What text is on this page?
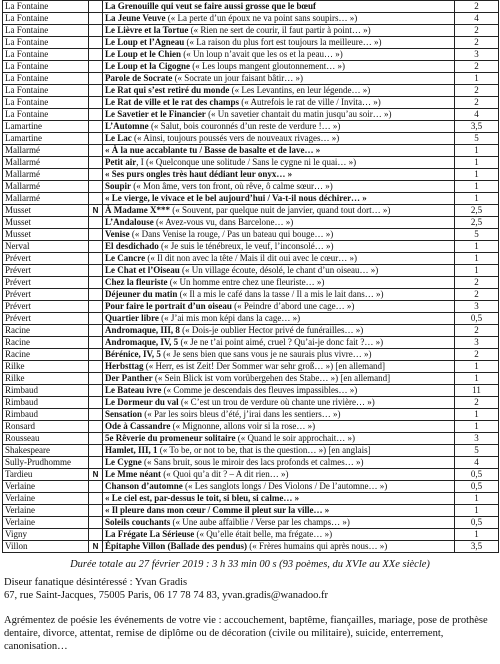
La Fontaine		La Grenouille qui veut se faire aussi grosse que le bœuf	2
La Fontaine		La Jeune Veuve (« La perte d’un époux ne va point sans soupirs… »)	4
La Fontaine		Le Lièvre et la Tortue (« Rien ne sert de courir, il faut partir à point… »)	2
La Fontaine		Le Loup et l’Agneau (« La raison du plus fort est toujours la meilleure… »)	2
La Fontaine		Le Loup et le Chien (« Un loup n’avait que les os et la peau… »)	3
La Fontaine		Le Loup et la Cigogne (« Les loups mangent gloutonnement… »)	2
La Fontaine		Parole de Socrate (« Socrate un jour faisant bâtir… »)	1
La Fontaine		Le Rat qui s’est retiré du monde (« Les Levantins, en leur légende… »)	2
La Fontaine		Le Rat de ville et le rat des champs (« Autrefois le rat de ville / Invita… »)	2
La Fontaine		Le Savetier et le Financier (« Un savetier chantait du matin jusqu’au soir… »)	4
Lamartine		L’Automne (« Salut, bois couronnés d’un reste de verdure !… »)	3,5
Lamartine		Le Lac (« Ainsi, toujours poussés vers de nouveaux rivages… »)	5
Mallarmé		« À la nue accablante tu / Basse de basalte et de lave… »	1
Mallarmé		Petit air, I (« Quelconque une solitude / Sans le cygne ni le quai… »)	1
Mallarmé		« Ses purs ongles très haut dédiant leur onyx… »	1
Mallarmé		Soupir (« Mon âme, vers ton front, où rêve, ô calme sœur… »)	1
Mallarmé		« Le vierge, le vivace et le bel aujourd’hui / Va-t-il nous déchirer… »	1
Musset	N	À Madame X*** (« Souvent, par quelque nuit de janvier, quand tout dort… »)	2,5
Musset		L’Andalouse (« Avez-vous vu, dans Barcelone… »)	2,5
Musset		Venise (« Dans Venise la rouge, / Pas un bateau qui bouge… »)	5
Nerval		El desdichado (« Je suis le ténébreux, le veuf, l’inconsolé… »)	1
Prévert		Le Cancre (« Il dit non avec la tête / Mais il dit oui avec le cœur… »)	1
Prévert		Le Chat et l’Oiseau (« Un village écoute, désolé, le chant d’un oiseau… »)	1
Prévert		Chez la fleuriste (« Un homme entre chez une fleuriste… »)	2
Prévert		Déjeuner du matin (« Il a mis le café dans la tasse / Il a mis le lait dans… »)	2
Prévert		Pour faire le portrait d’un oiseau (« Peindre d’abord une cage… »)	3
Prévert		Quartier libre (« J’ai mis mon képi dans la cage… »)	0,5
Racine		Andromaque, III, 8 (« Dois-je oublier Hector privé de funérailles… »)	2
Racine		Andromaque, IV, 5 (« Je ne t’ai point aimé, cruel ? Qu’ai-je donc fait ?… »)	3
Racine		Bérénice, IV, 5 (« Je sens bien que sans vous je ne saurais plus vivre… »)	2
Rilke		Herbsttag (« Herr, es ist Zeit! Der Sommer war sehr groß… ») [en allemand]	1
Rilke		Der Panther (« Sein Blick ist vom vorübergehen des Stabe… ») [en allemand]	1
Rimbaud		Le Bateau ivre (« Comme je descendais des fleuves impassibles… »)	11
Rimbaud		Le Dormeur du val (« C’est un trou de verdure où chante une rivière… »)	2
Rimbaud		Sensation (« Par les soirs bleus d’été, j’irai dans les sentiers… »)	1
Ronsard		Ode à Cassandre (« Mignonne, allons voir si la rose… »)	1
Rousseau		5e Rêverie du promeneur solitaire (« Quand le soir approchait… »)	3
Shakespeare		Hamlet, III, 1 (« To be, or not to be, that is the question… ») [en anglais]	5
Sully-Prudhomme		Le Cygne (« Sans bruit, sous le miroir des lacs profonds et calmes… »)	4
Tardieu	N	Le Mme néant (« Quoi qu’a dit ? – A dit rien… »)	0,5
Verlaine		Chanson d’automne (« Les sanglots longs / Des Violons / De l’automne… »)	0,5
Verlaine		« Le ciel est, par-dessus le toit, si bleu, si calme… »	1
Verlaine		« Il pleure dans mon cœur / Comme il pleut sur la ville… »	1
Verlaine		Soleils couchants (« Une aube affaiblie / Verse par les champs… »)	0,5
Vigny		La Frégate La Sérieuse (« Qu’elle était belle, ma frégate… »)	1
Villon	N	Épitaphe Villon (Ballade des pendus) (« Frères humains qui après nous… »)	3,5

Durée totale au 27 février 2019 : 3 h 33 min 00 s (93 poèmes, du XVIe au XXe siècle)

Diseur fanatique désintéressé : Yvan Gradis

67, rue Saint-Jacques, 75005 Paris, 06 17 78 74 83, yvan.gradis@wanadoo.fr

Agrémentez de poésie les événements de votre vie : accouchement, baptême, fiançailles, mariage, pose de prothèse dentaire, divorce, attentat, remise de diplôme ou de décoration (civile ou militaire), suicide, enterrement, canonisation…
